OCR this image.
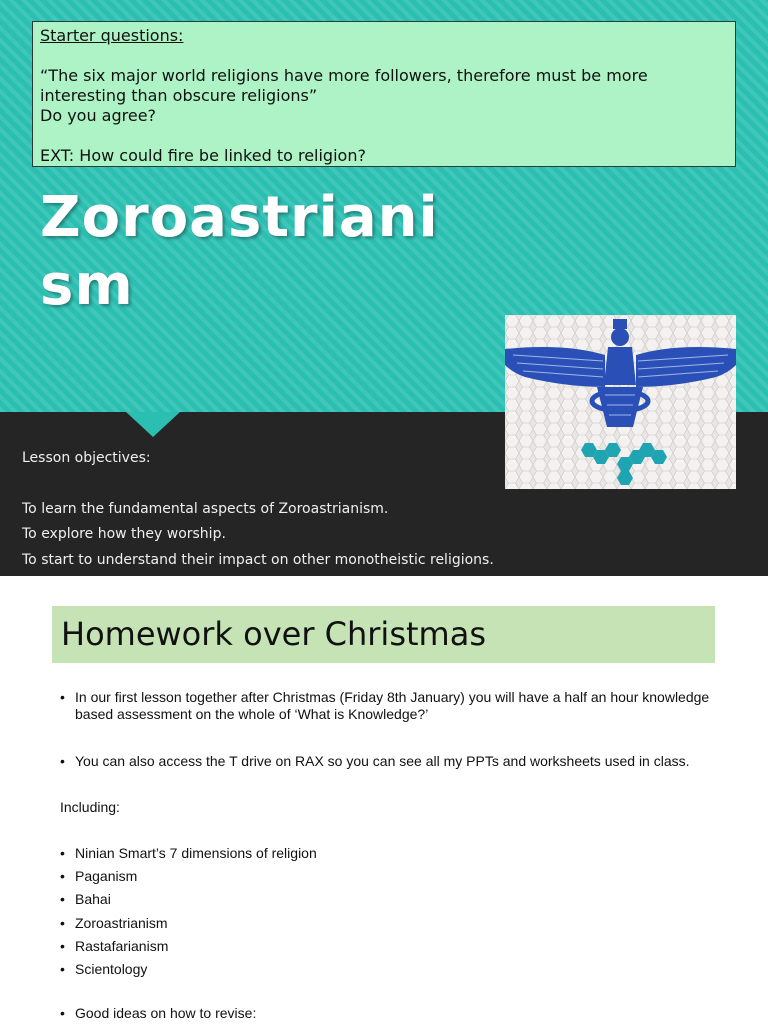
Starter questions:

“The six major world religions have more followers, therefore must be more interesting than obscure religions”

Do you agree?

EXT: How could fire be linked to religion?

Zoroastriani
sm

Lesson objectives:

To learn the fundamental aspects of Zoroastrianism.

To explore how they worship.

To start to understand their impact on other monotheistic religions.

Homework over Christmas

• In our first lesson together after Christmas (Friday 8th January) you will have a half an hour knowledge based assessment on the whole of ‘What is Knowledge?’

• You can also access the T drive on RAX so you can see all my PPTs and worksheets used in class.

Including:

• Ninian Smart’s 7 dimensions of religion

• Paganism

• Bahai

• Zoroastrianism

• Rastafarianism

• Scientology

• Good ideas on how to revise:
